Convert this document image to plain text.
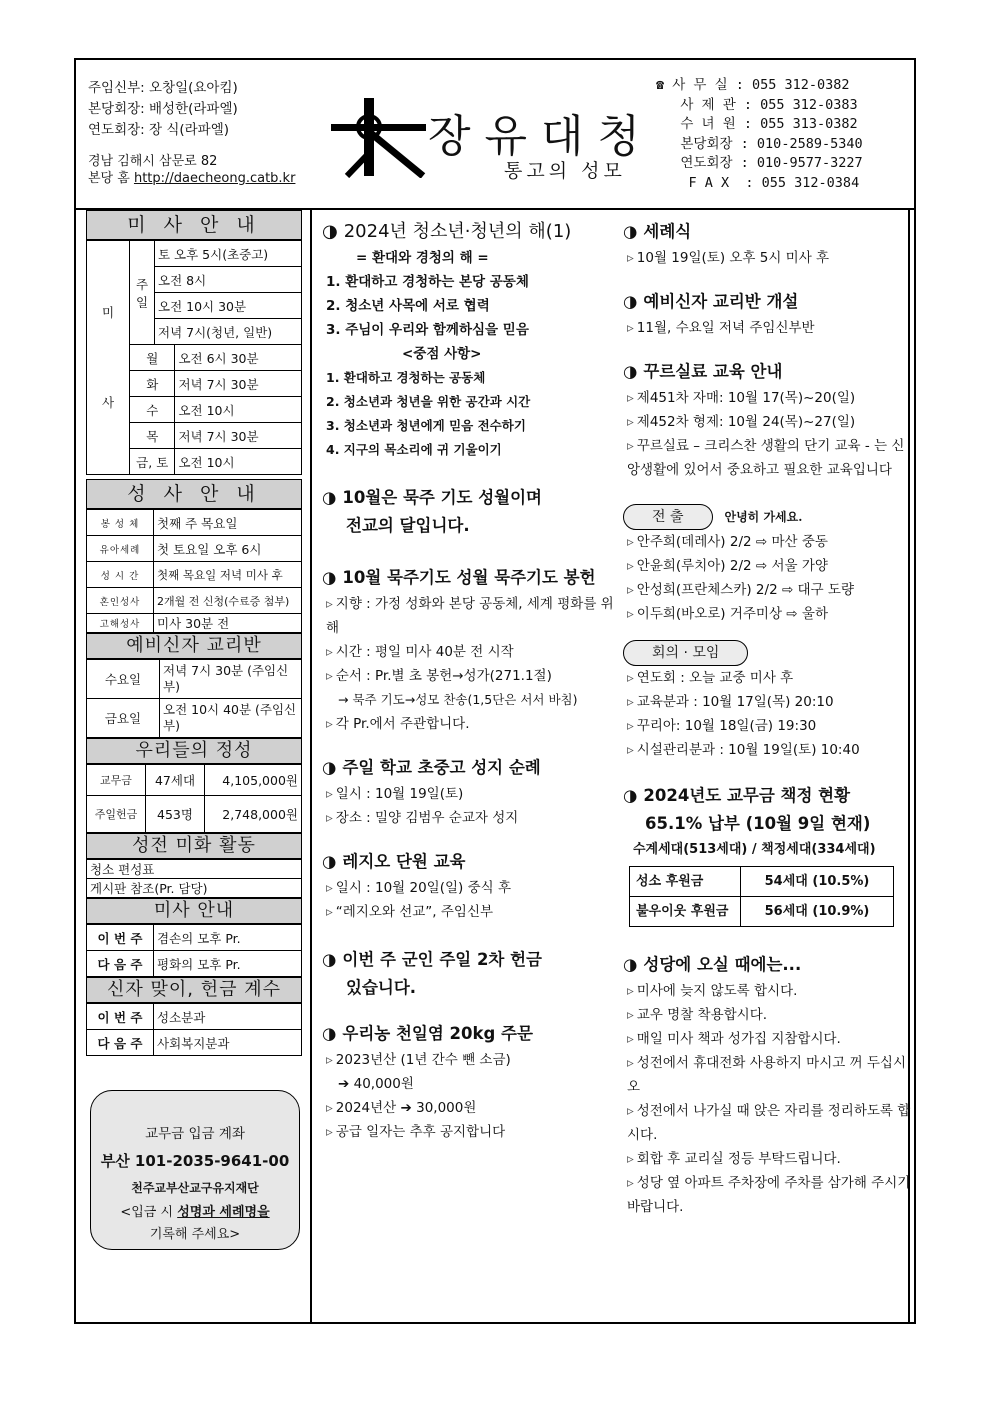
주임신부: 오창일(요아킴)
본당회장: 배성한(라파엘)
연도회장: 장 식(라파엘)
경남 김해시 삼문로 82
본당 홈 http://daecheong.catb.kr
장유대청
통고의 성모
☎ 사 무 실 : 055 312-0382
사 제 관 : 055 312-0383
수 녀 원 : 055 313-0382
본당회장 : 010-2589-5340
연도회장 : 010-9577-3227
F A X  : 055 312-0384
미 사 안 내
미
사	주일	토 오후 5시(초중고)	
		오전 8시	
		오전 10시 30분	
		저녁 7시(청년, 일반)	
	월		오전 6시 30분
	화		저녁 7시 30분
	수		오전 10시
	목		저녁 7시 30분
	금, 토		오전 10시
성 사 안 내
봉 성 체	첫째 주 목요일
유아세례	첫 토요일 오후 6시
성 시 간	첫째 목요일 저녁 미사 후
혼인성사	2개월 전 신청(수료증 첨부)
고해성사	미사 30분 전
예비신자 교리반
수요일	저녁 7시 30분 (주임신부)
금요일	오전 10시 40분 (주임신부)
우리들의 정성
교무금	47세대	4,105,000원
주일헌금	453명	2,748,000원
성전 미화 활동
청소 편성표
게시판 참조(Pr. 담당)
미사 안내
이 번 주	겸손의 모후 Pr.
다 음 주	평화의 모후 Pr.
신자 맞이, 헌금 계수
이 번 주	성소분과
다 음 주	사회복지분과
교무금 입금 계좌
부산 101-2035-9641-00
천주교부산교구유지재단
<입금 시 성명과 세례명을
기록해 주세요>
◑ 2024년 청소년·청년의 해(1)
= 환대와 경청의 해 =
1. 환대하고 경청하는 본당 공동체
2. 청소년 사목에 서로 협력
3. 주님이 우리와 함께하심을 믿음
<중점 사항>
1. 환대하고 경청하는 공동체
2. 청소년과 청년을 위한 공간과 시간
3. 청소년과 청년에게 믿음 전수하기
4. 지구의 목소리에 귀 기울이기
◑ 10월은 묵주 기도 성월이며
전교의 달입니다.
◑ 10월 묵주기도 성월 묵주기도 봉헌
▹ 지향 : 가정 성화와 본당 공동체, 세계 평화를 위해
▹ 시간 : 평일 미사 40분 전 시작
▹ 순서 : Pr.별 초 봉헌→성가(271.1절)
→ 묵주 기도→성모 찬송(1,5단은 서서 바침)
▹ 각 Pr.에서 주관합니다.
◑ 주일 학교 초중고 성지 순례
▹ 일시 : 10월 19일(토)
▹ 장소 : 밀양 김범우 순교자 성지
◑ 레지오 단원 교육
▹ 일시 : 10월 20일(일) 중식 후
▹ “레지오와 선교”, 주임신부
◑ 이번 주 군인 주일 2차 헌금
있습니다.
◑ 우리농 천일염 20kg 주문
▹ 2023년산 (1년 간수 뺀 소금)
➔ 40,000원
▹ 2024년산 ➔ 30,000원
▹ 공급 일자는 추후 공지합니다
◑ 세례식
▹ 10월 19일(토) 오후 5시 미사 후
◑ 예비신자 교리반 개설
▹ 11월, 수요일 저녁 주임신부반
◑ 꾸르실료 교육 안내
▹ 제451차 자매: 10월 17(목)~20(일)
▹ 제452차 형제: 10월 24(목)~27(일)
▹ 꾸르실료 – 크리스찬 생활의 단기 교육 - 는 신앙생활에 있어서 중요하고 필요한 교육입니다
전 출	안녕히 가세요.
▹ 안주희(데레사) 2/2 ⇨ 마산 중동
▹ 안윤희(루치아) 2/2 ⇨ 서울 가양
▹ 안성희(프란체스카) 2/2 ⇨ 대구 도량
▹ 이두희(바오로) 거주미상 ⇨ 울하
회의 · 모임
▹ 연도회 : 오늘 교중 미사 후
▹ 교육분과 : 10월 17일(목) 20:10
▹ 꾸리아: 10월 18일(금) 19:30
▹ 시설관리분과 : 10월 19일(토) 10:40
◑ 2024년도 교무금 책정 현황
65.1% 납부 (10월 9일 현재)
수계세대(513세대) / 책정세대(334세대)
성소 후원금	54세대 (10.5%)
불우이웃 후원금	56세대 (10.9%)
◑ 성당에 오실 때에는...
▹ 미사에 늦지 않도록 합시다.
▹ 교우 명찰 착용합시다.
▹ 매일 미사 책과 성가집 지참합시다.
▹ 성전에서 휴대전화 사용하지 마시고 꺼 두십시오
▹ 성전에서 나가실 때 앉은 자리를 정리하도록 합시다.
▹ 회합 후 교리실 정등 부탁드립니다.
▹ 성당 옆 아파트 주차장에 주차를 삼가해 주시기 바랍니다.
